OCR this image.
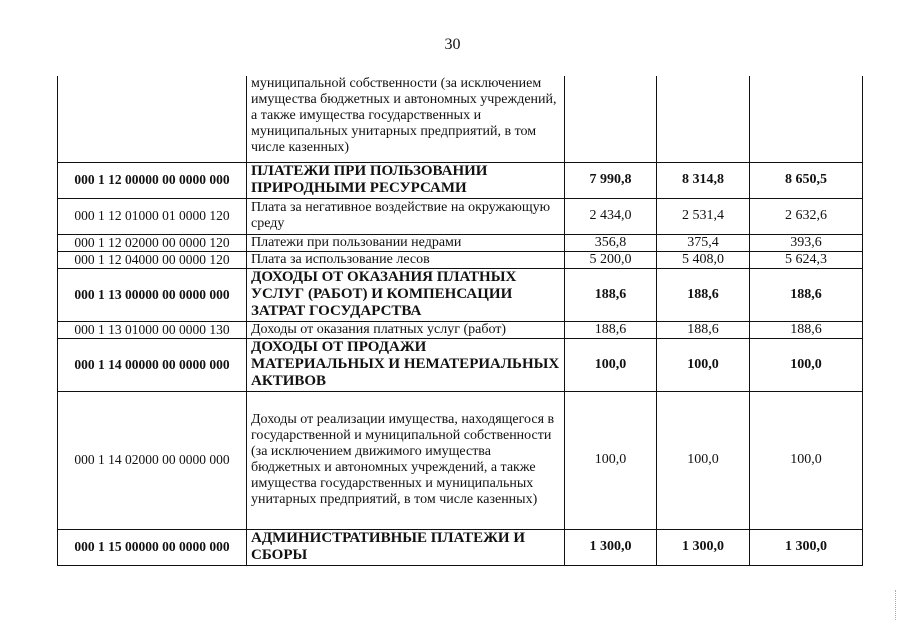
30
	муниципальной собственности (за исключением имущества бюджетных и автономных учреждений, а также имущества государственных и муниципальных унитарных предприятий, в том числе казенных)			
000 1 12 00000 00 0000 000	ПЛАТЕЖИ ПРИ ПОЛЬЗОВАНИИ ПРИРОДНЫМИ РЕСУРСАМИ	7 990,8	8 314,8	8 650,5
000 1 12 01000 01 0000 120	Плата за негативное воздействие на окружающую среду	2 434,0	2 531,4	2 632,6
000 1 12 02000 00 0000 120	Платежи при пользовании недрами	356,8	375,4	393,6
000 1 12 04000 00 0000 120	Плата за использование лесов	5 200,0	5 408,0	5 624,3
000 1 13 00000 00 0000 000	ДОХОДЫ ОТ ОКАЗАНИЯ ПЛАТНЫХ УСЛУГ (РАБОТ) И КОМПЕНСАЦИИ ЗАТРАТ ГОСУДАРСТВА	188,6	188,6	188,6
000 1 13 01000 00 0000 130	Доходы от оказания платных услуг (работ)	188,6	188,6	188,6
000 1 14 00000 00 0000 000	ДОХОДЫ ОТ ПРОДАЖИ МАТЕРИАЛЬНЫХ И НЕМАТЕРИАЛЬНЫХ АКТИВОВ	100,0	100,0	100,0
000 1 14 02000 00 0000 000	Доходы от реализации имущества, находящегося в государственной и муниципальной собственности (за исключением движимого имущества бюджетных и автономных учреждений, а также имущества государственных и муниципальных унитарных предприятий, в том числе казенных)	100,0	100,0	100,0
000 1 15 00000 00 0000 000	АДМИНИСТРАТИВНЫЕ ПЛАТЕЖИ И СБОРЫ	1 300,0	1 300,0	1 300,0
